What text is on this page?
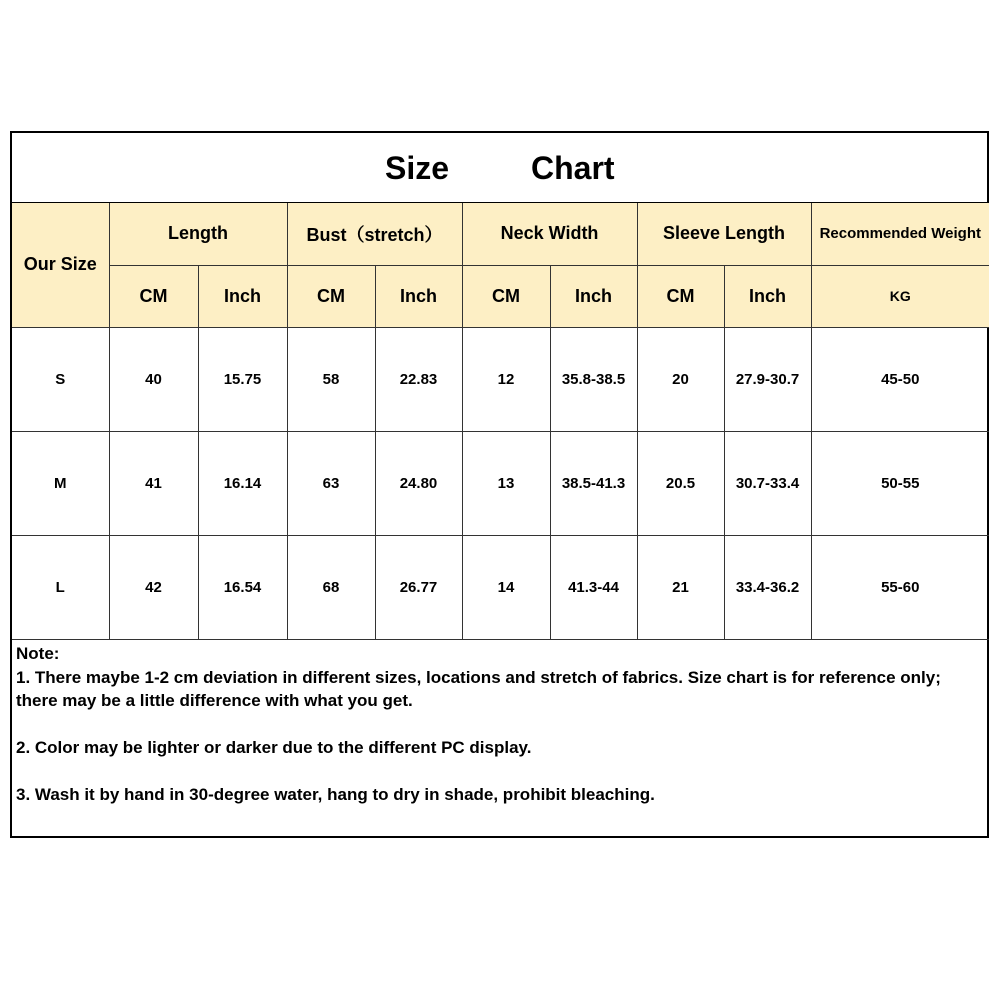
Size	Chart
Our Size	Length		Bust（stretch）		Neck Width		Sleeve Length		Recommended Weight
	CM	Inch	CM	Inch	CM	Inch	CM	Inch	KG
S	40	15.75	58	22.83	12	35.8-38.5	20	27.9-30.7	45-50
M	41	16.14	63	24.80	13	38.5-41.3	20.5	30.7-33.4	50-55
L	42	16.54	68	26.77	14	41.3-44	21	33.4-36.2	55-60

Note:

1. There maybe 1-2 cm deviation in different sizes, locations and stretch of fabrics. Size chart is for reference only; there may be a little difference with what you get.

2. Color may be lighter or darker due to the different PC display.

3. Wash it by hand in 30-degree water, hang to dry in shade, prohibit bleaching.
